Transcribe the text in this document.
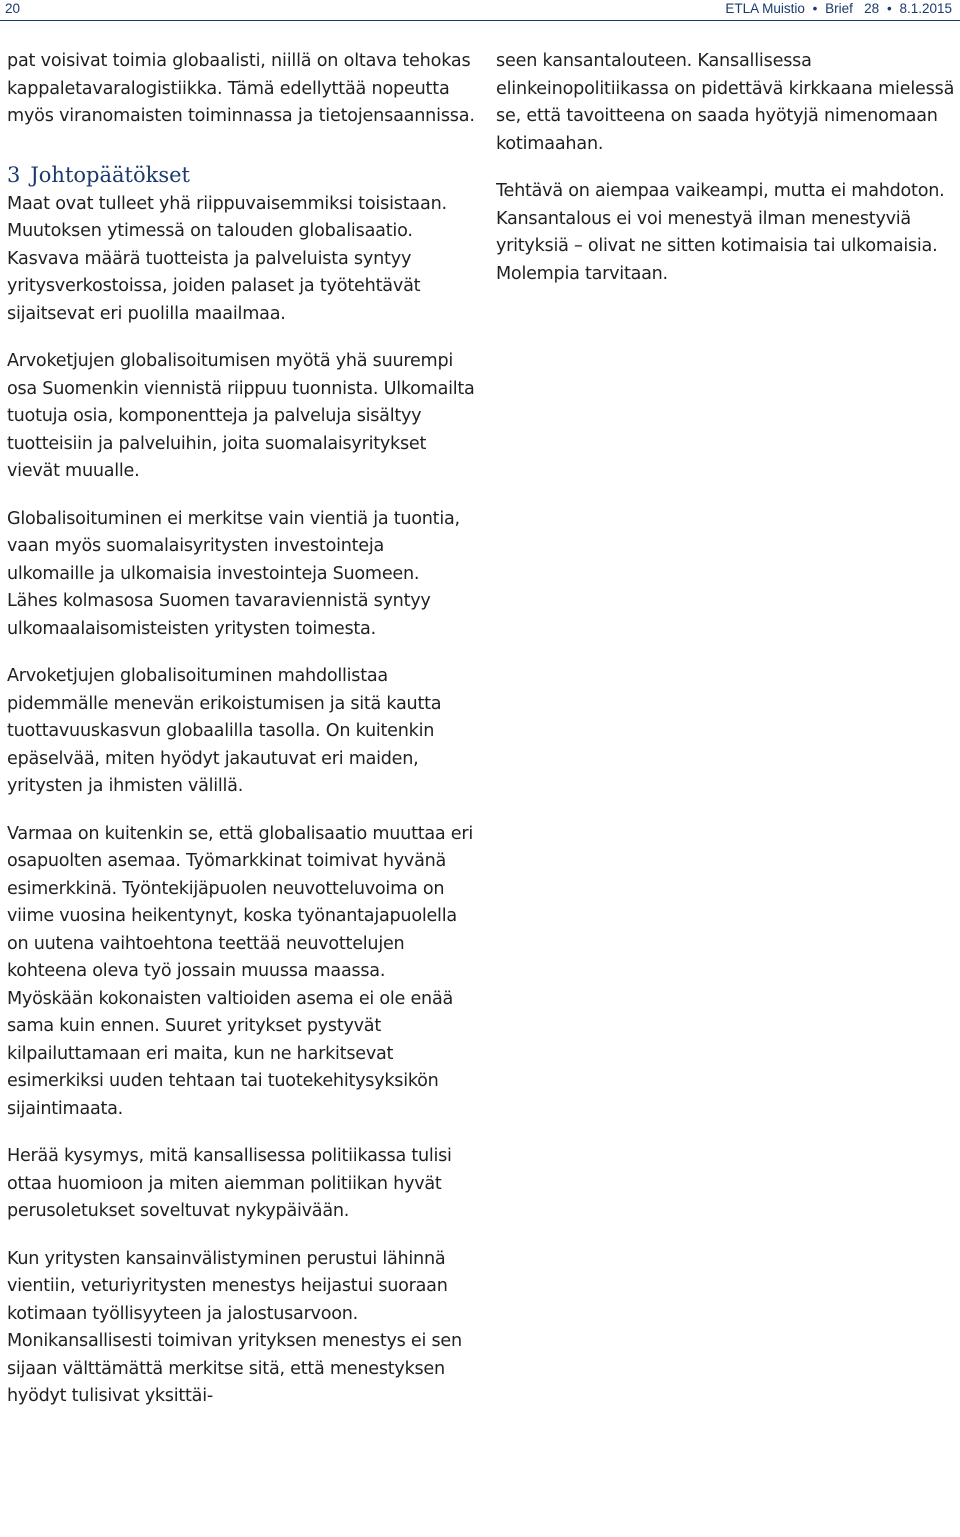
20	ETLA Muistio • Brief 28 • 8.1.2015

pat voisivat toimia globaalisti, niillä on oltava tehokas kappaletavaralogistiikka. Tämä edellyttää nopeutta myös viranomaisten toiminnassa ja tietojensaannissa.

3 Johtopäätökset

Maat ovat tulleet yhä riippuvaisemmiksi toisistaan. Muutoksen ytimessä on talouden globalisaatio. Kasvava määrä tuotteista ja palveluista syntyy yritysverkostoissa, joiden palaset ja työtehtävät sijaitsevat eri puolilla maailmaa.

Arvoketjujen globalisoitumisen myötä yhä suurempi osa Suomenkin viennistä riippuu tuonnista. Ulkomailta tuotuja osia, komponentteja ja palveluja sisältyy tuotteisiin ja palveluihin, joita suomalaisyritykset vievät muualle.

Globalisoituminen ei merkitse vain vientiä ja tuontia, vaan myös suomalaisyritysten investointeja ulkomaille ja ulkomaisia investointeja Suomeen. Lähes kolmasosa Suomen tavaraviennistä syntyy ulkomaalaisomisteisten yritysten toimesta.

Arvoketjujen globalisoituminen mahdollistaa pidemmälle menevän erikoistumisen ja sitä kautta tuottavuuskasvun globaalilla tasolla. On kuitenkin epäselvää, miten hyödyt jakautuvat eri maiden, yritysten ja ihmisten välillä.

Varmaa on kuitenkin se, että globalisaatio muuttaa eri osapuolten asemaa. Työmarkkinat toimivat hyvänä esimerkkinä. Työntekijäpuolen neuvotteluvoima on viime vuosina heikentynyt, koska työnantajapuolella on uutena vaihtoehtona teettää neuvottelujen kohteena oleva työ jossain muussa maassa. Myöskään kokonaisten valtioiden asema ei ole enää sama kuin ennen. Suuret yritykset pystyvät kilpailuttamaan eri maita, kun ne harkitsevat esimerkiksi uuden tehtaan tai tuotekehitysyksikön sijaintimaata.

Herää kysymys, mitä kansallisessa politiikassa tulisi ottaa huomioon ja miten aiemman politiikan hyvät perusoletukset soveltuvat nykypäivään.

Kun yritysten kansainvälistyminen perustui lähinnä vientiin, veturiyritysten menestys heijastui suoraan kotimaan työllisyyteen ja jalostusarvoon. Monikansallisesti toimivan yrityksen menestys ei sen sijaan välttämättä merkitse sitä, että menestyksen hyödyt tulisivat yksittäi-

seen kansantalouteen. Kansallisessa elinkeinopolitiikassa on pidettävä kirkkaana mielessä se, että tavoitteena on saada hyötyjä nimenomaan kotimaahan.

Tehtävä on aiempaa vaikeampi, mutta ei mahdoton. Kansantalous ei voi menestyä ilman menestyviä yrityksiä – olivat ne sitten kotimaisia tai ulkomaisia. Molempia tarvitaan.
